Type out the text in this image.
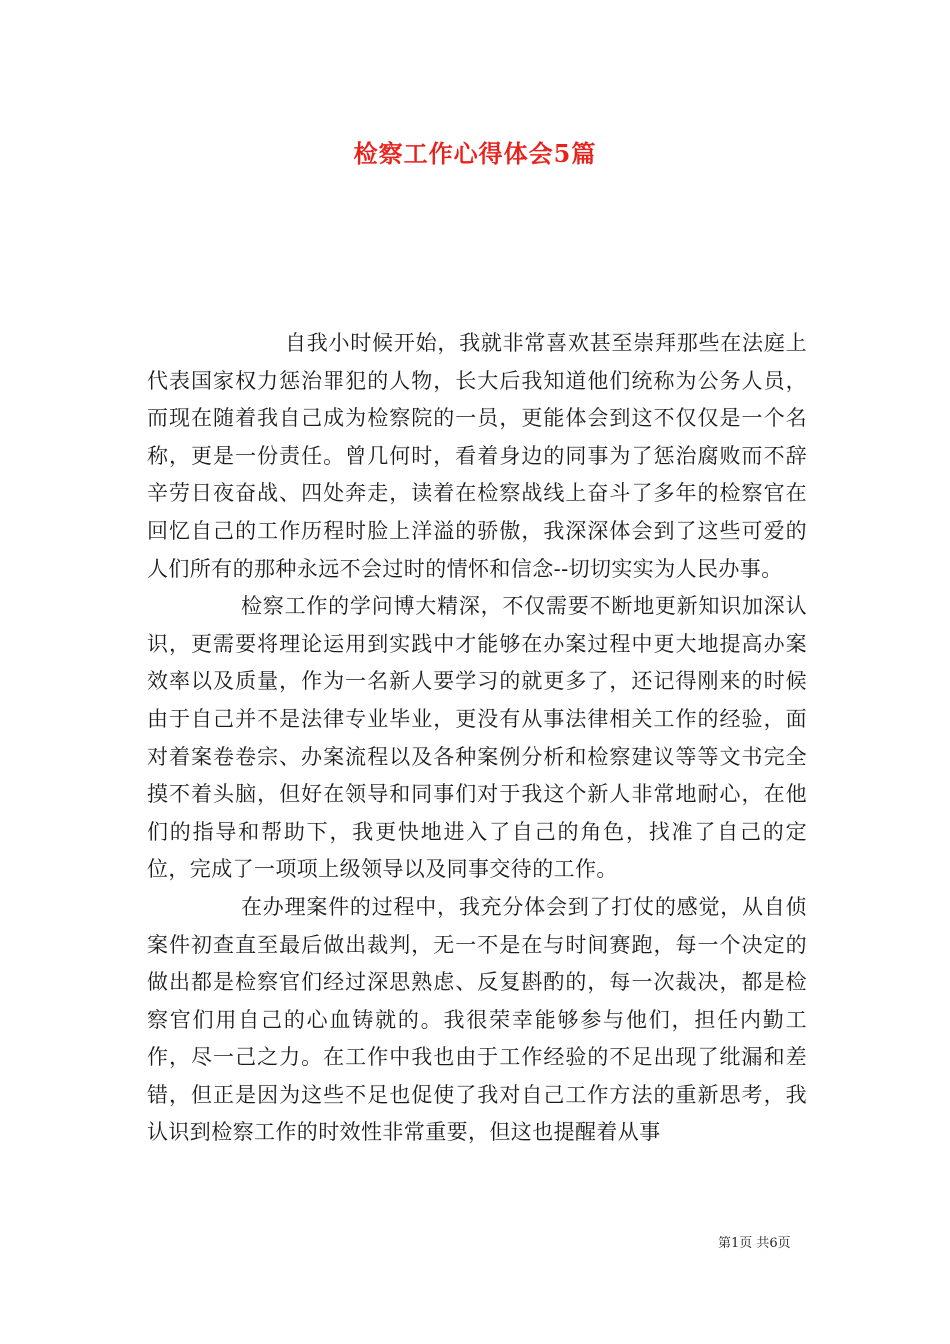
检察工作心得体会5篇

自我小时候开始，我就非常喜欢甚至崇拜那些在法庭上代表国家权力惩治罪犯的人物，长大后我知道他们统称为公务人员，而现在随着我自己成为检察院的一员，更能体会到这不仅仅是一个名称，更是一份责任。曾几何时，看着身边的同事为了惩治腐败而不辞辛劳日夜奋战、四处奔走，读着在检察战线上奋斗了多年的检察官在回忆自己的工作历程时脸上洋溢的骄傲，我深深体会到了这些可爱的人们所有的那种永远不会过时的情怀和信念--切切实实为人民办事。

检察工作的学问博大精深，不仅需要不断地更新知识加深认识，更需要将理论运用到实践中才能够在办案过程中更大地提高办案效率以及质量，作为一名新人要学习的就更多了，还记得刚来的时候由于自己并不是法律专业毕业，更没有从事法律相关工作的经验，面对着案卷卷宗、办案流程以及各种案例分析和检察建议等等文书完全摸不着头脑，但好在领导和同事们对于我这个新人非常地耐心，在他们的指导和帮助下，我更快地进入了自己的角色，找准了自己的定位，完成了一项项上级领导以及同事交待的工作。

在办理案件的过程中，我充分体会到了打仗的感觉，从自侦案件初查直至最后做出裁判，无一不是在与时间赛跑，每一个决定的做出都是检察官们经过深思熟虑、反复斟酌的，每一次裁决，都是检察官们用自己的心血铸就的。我很荣幸能够参与他们，担任内勤工作，尽一己之力。在工作中我也由于工作经验的不足出现了纰漏和差错，但正是因为这些不足也促使了我对自己工作方法的重新思考，我认识到检察工作的时效性非常重要，但这也提醒着从事

第1页 共6页
